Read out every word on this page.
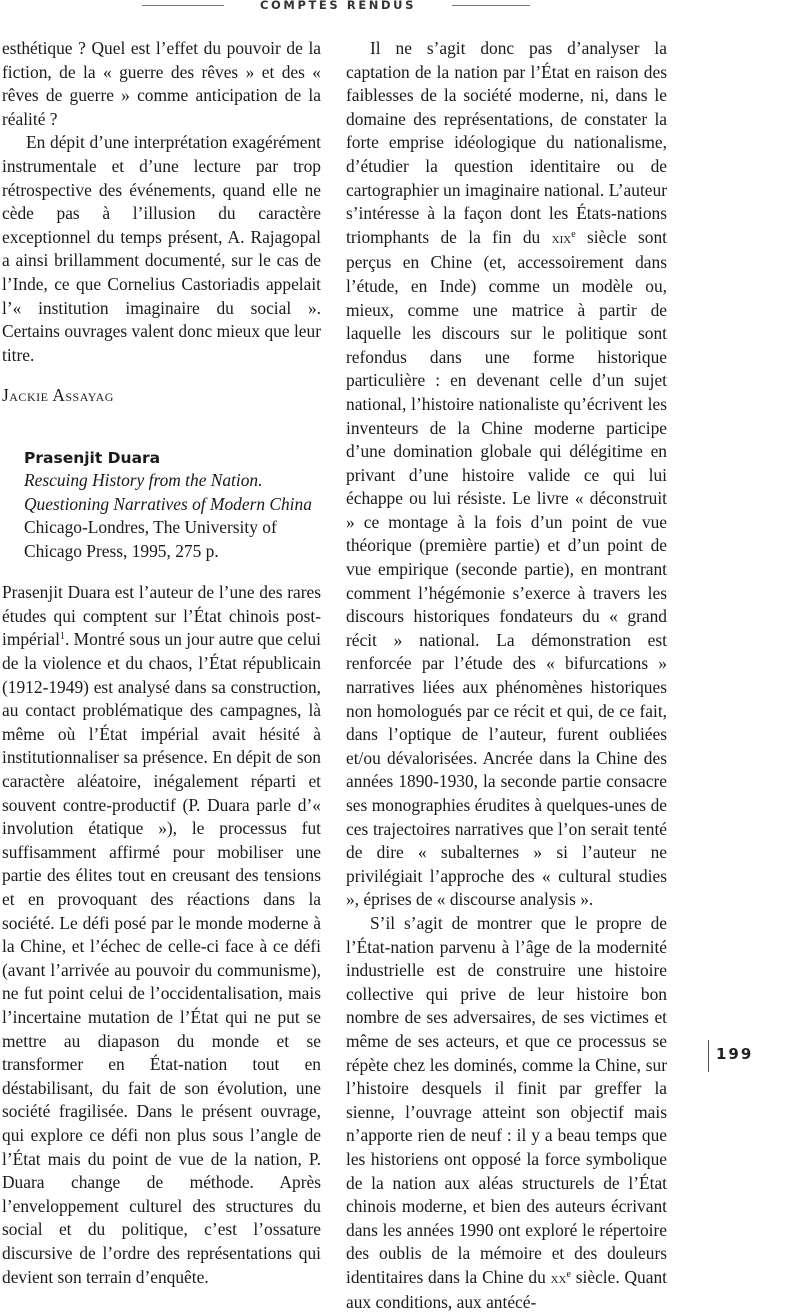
COMPTES RENDUS

esthétique ? Quel est l’effet du pouvoir de la fiction, de la « guerre des rêves » et des « rêves de guerre » comme anticipation de la réalité ?

En dépit d’une interprétation exagérément instrumentale et d’une lecture par trop rétrospective des événements, quand elle ne cède pas à l’illusion du caractère exceptionnel du temps présent, A. Rajagopal a ainsi brillamment documenté, sur le cas de l’Inde, ce que Cornelius Castoriadis appelait l’« institution imaginaire du social ». Certains ouvrages valent donc mieux que leur titre.

Jackie Assayag

Prasenjit Duara

Rescuing History from the Nation. Questioning Narratives of Modern China

Chicago-Londres, The University of Chicago Press, 1995, 275 p.

Prasenjit Duara est l’auteur de l’une des rares études qui comptent sur l’État chinois post-impérial$^1$. Montré sous un jour autre que celui de la violence et du chaos, l’État républicain (1912-1949) est analysé dans sa construction, au contact problématique des campagnes, là même où l’État impérial avait hésité à institutionnaliser sa présence. En dépit de son caractère aléatoire, inégalement réparti et souvent contre-productif (P. Duara parle d’« involution étatique »), le processus fut suffisamment affirmé pour mobiliser une partie des élites tout en creusant des tensions et en provoquant des réactions dans la société. Le défi posé par le monde moderne à la Chine, et l’échec de celle-ci face à ce défi (avant l’arrivée au pouvoir du communisme), ne fut point celui de l’occidentalisation, mais l’incertaine mutation de l’État qui ne put se mettre au diapason du monde et se transformer en État-nation tout en déstabilisant, du fait de son évolution, une société fragilisée. Dans le présent ouvrage, qui explore ce défi non plus sous l’angle de l’État mais du point de vue de la nation, P. Duara change de méthode. Après l’enveloppement culturel des structures du social et du politique, c’est l’ossature discursive de l’ordre des représentations qui devient son terrain d’enquête.

Il ne s’agit donc pas d’analyser la captation de la nation par l’État en raison des faiblesses de la société moderne, ni, dans le domaine des représentations, de constater la forte emprise idéologique du nationalisme, d’étudier la question identitaire ou de cartographier un imaginaire national. L’auteur s’intéresse à la façon dont les États-nations triomphants de la fin du xix$^e$ siècle sont perçus en Chine (et, accessoirement dans l’étude, en Inde) comme un modèle ou, mieux, comme une matrice à partir de laquelle les discours sur le politique sont refondus dans une forme historique particulière : en devenant celle d’un sujet national, l’histoire nationaliste qu’écrivent les inventeurs de la Chine moderne participe d’une domination globale qui délégitime en privant d’une histoire valide ce qui lui échappe ou lui résiste. Le livre « déconstruit » ce montage à la fois d’un point de vue théorique (première partie) et d’un point de vue empirique (seconde partie), en montrant comment l’hégémonie s’exerce à travers les discours historiques fondateurs du « grand récit » national. La démonstration est renforcée par l’étude des « bifurcations » narratives liées aux phénomènes historiques non homologués par ce récit et qui, de ce fait, dans l’optique de l’auteur, furent oubliées et/ou dévalorisées. Ancrée dans la Chine des années 1890-1930, la seconde partie consacre ses monographies érudites à quelques-unes de ces trajectoires narratives que l’on serait tenté de dire « subalternes » si l’auteur ne privilégiait l’approche des « cultural studies », éprises de « discourse analysis ».

S’il s’agit de montrer que le propre de l’État-nation parvenu à l’âge de la modernité industrielle est de construire une histoire collective qui prive de leur histoire bon nombre de ses adversaires, de ses victimes et même de ses acteurs, et que ce processus se répète chez les dominés, comme la Chine, sur l’histoire desquels il finit par greffer la sienne, l’ouvrage atteint son objectif mais n’apporte rien de neuf : il y a beau temps que les historiens ont opposé la force symbolique de la nation aux aléas structurels de l’État chinois moderne, et bien des auteurs écrivant dans les années 1990 ont exploré le répertoire des oublis de la mémoire et des douleurs identitaires dans la Chine du $xx^e$ siècle. Quant aux conditions, aux antécé-

199
